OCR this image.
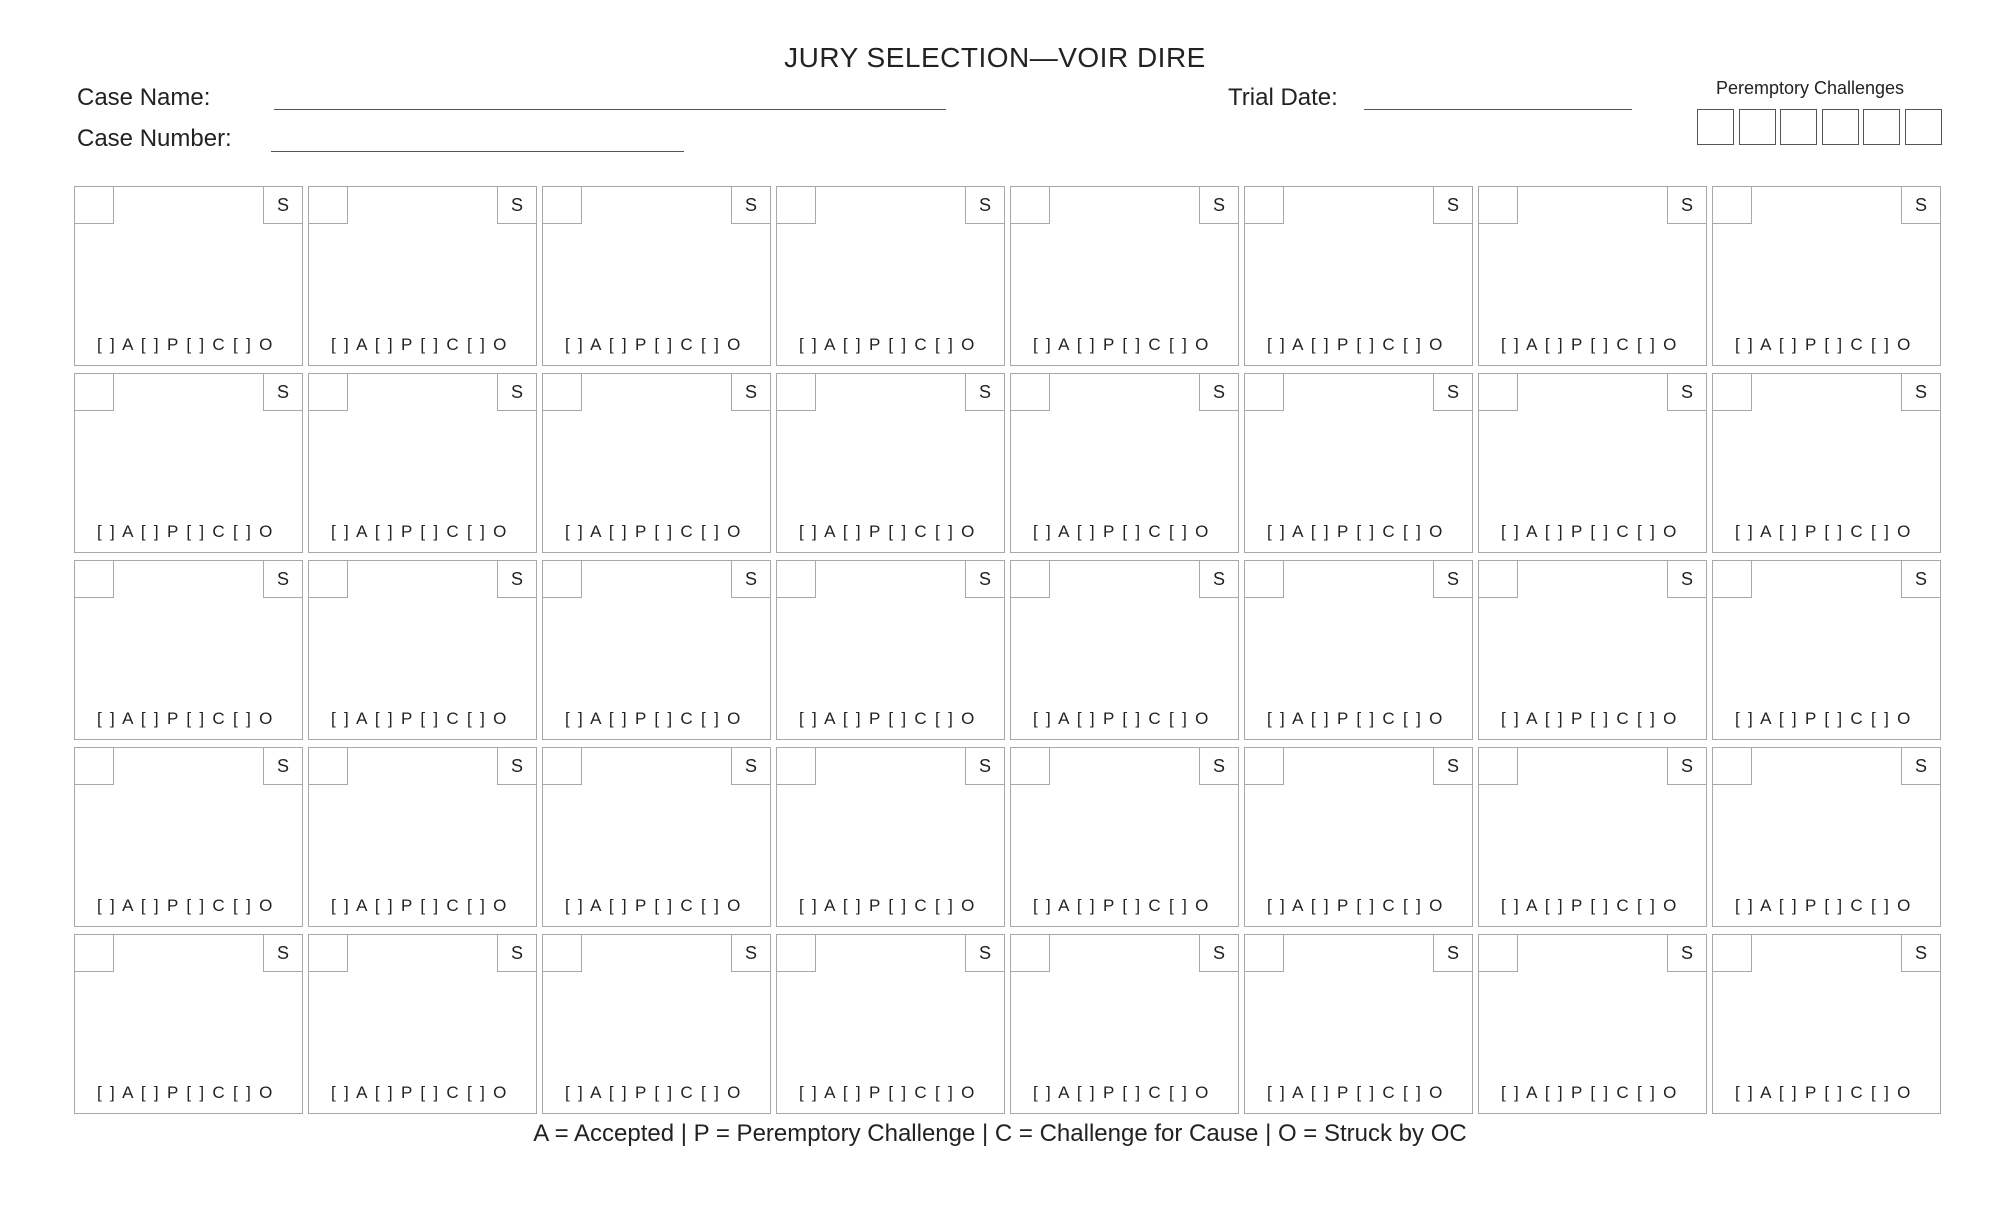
JURY SELECTION—VOIR DIRE
Case Name:
Case Number:
Trial Date:	Peremptory Challenges
S
[ ] A [ ] P [ ] C [ ] O
S
[ ] A [ ] P [ ] C [ ] O
S
[ ] A [ ] P [ ] C [ ] O
S
[ ] A [ ] P [ ] C [ ] O
S
[ ] A [ ] P [ ] C [ ] O
S
[ ] A [ ] P [ ] C [ ] O
S
[ ] A [ ] P [ ] C [ ] O
S
[ ] A [ ] P [ ] C [ ] O
S
[ ] A [ ] P [ ] C [ ] O
S
[ ] A [ ] P [ ] C [ ] O
S
[ ] A [ ] P [ ] C [ ] O
S
[ ] A [ ] P [ ] C [ ] O
S
[ ] A [ ] P [ ] C [ ] O
S
[ ] A [ ] P [ ] C [ ] O
S
[ ] A [ ] P [ ] C [ ] O
S
[ ] A [ ] P [ ] C [ ] O
S
[ ] A [ ] P [ ] C [ ] O
S
[ ] A [ ] P [ ] C [ ] O
S
[ ] A [ ] P [ ] C [ ] O
S
[ ] A [ ] P [ ] C [ ] O
S
[ ] A [ ] P [ ] C [ ] O
S
[ ] A [ ] P [ ] C [ ] O
S
[ ] A [ ] P [ ] C [ ] O
S
[ ] A [ ] P [ ] C [ ] O
S
[ ] A [ ] P [ ] C [ ] O
S
[ ] A [ ] P [ ] C [ ] O
S
[ ] A [ ] P [ ] C [ ] O
S
[ ] A [ ] P [ ] C [ ] O
S
[ ] A [ ] P [ ] C [ ] O
S
[ ] A [ ] P [ ] C [ ] O
S
[ ] A [ ] P [ ] C [ ] O
S
[ ] A [ ] P [ ] C [ ] O
S
[ ] A [ ] P [ ] C [ ] O
S
[ ] A [ ] P [ ] C [ ] O
S
[ ] A [ ] P [ ] C [ ] O
S
[ ] A [ ] P [ ] C [ ] O
S
[ ] A [ ] P [ ] C [ ] O
S
[ ] A [ ] P [ ] C [ ] O
S
[ ] A [ ] P [ ] C [ ] O
S
[ ] A [ ] P [ ] C [ ] O
A = Accepted | P = Peremptory Challenge | C = Challenge for Cause | O = Struck by OC
